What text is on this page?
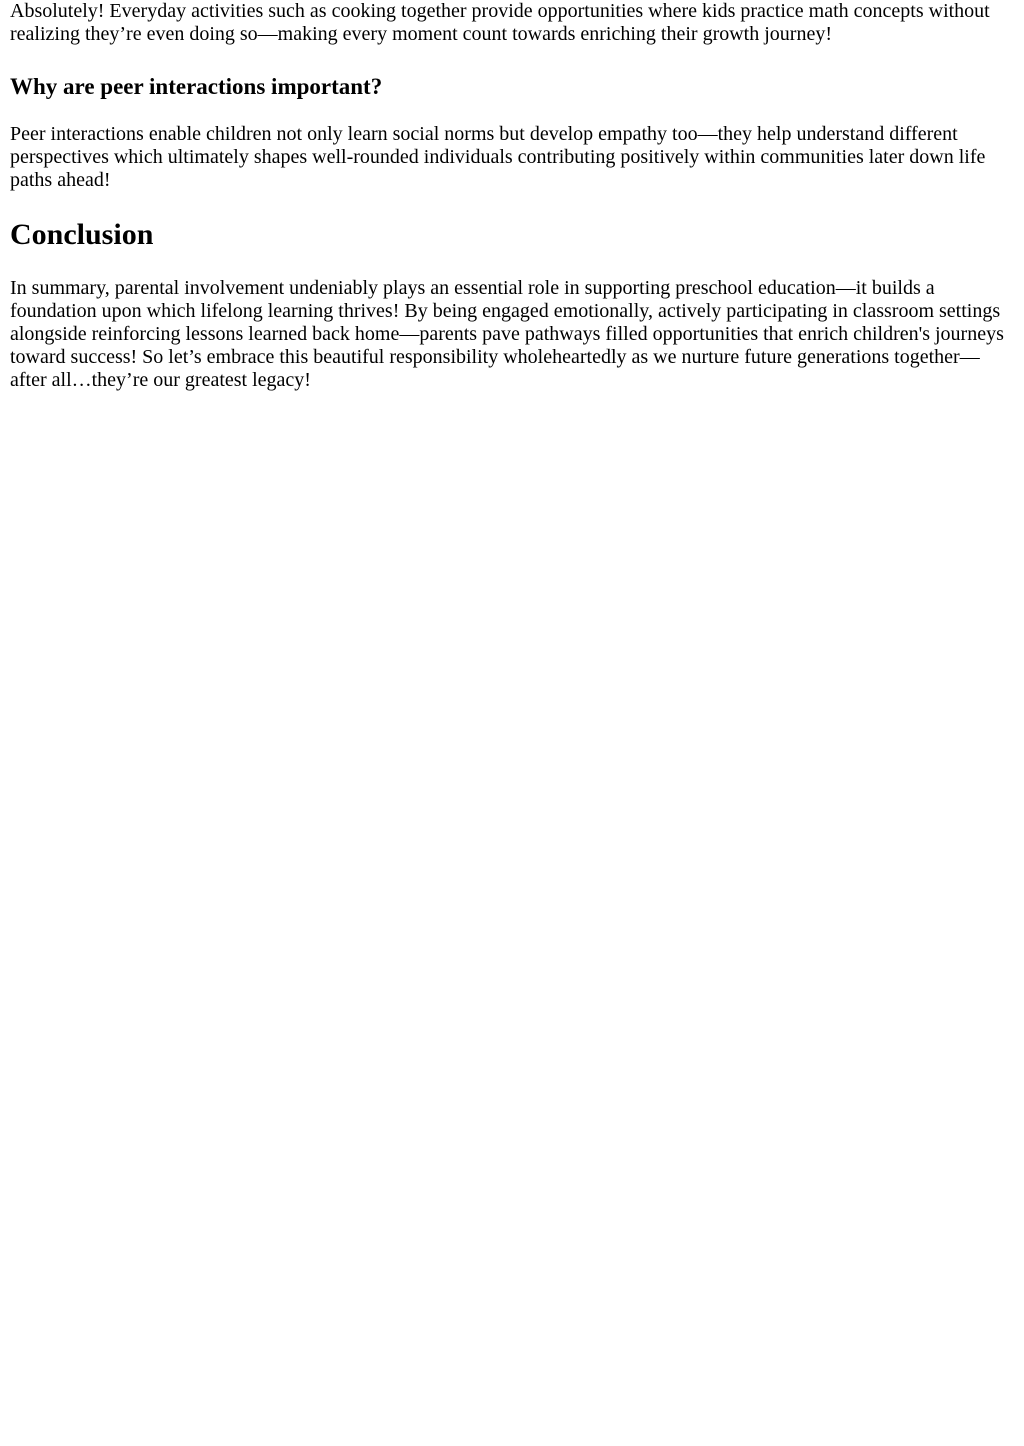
Absolutely! Everyday activities such as cooking together provide opportunities where kids practice math concepts without realizing they’re even doing so—making every moment count towards enriching their growth journey!

Why are peer interactions important?

Peer interactions enable children not only learn social norms but develop empathy too—they help understand different perspectives which ultimately shapes well-rounded individuals contributing positively within communities later down life paths ahead!

Conclusion

In summary, parental involvement undeniably plays an essential role in supporting preschool education—it builds a foundation upon which lifelong learning thrives! By being engaged emotionally, actively participating in classroom settings alongside reinforcing lessons learned back home—parents pave pathways filled opportunities that enrich children's journeys toward success! So let’s embrace this beautiful responsibility wholeheartedly as we nurture future generations together—after all…they’re our greatest legacy!
